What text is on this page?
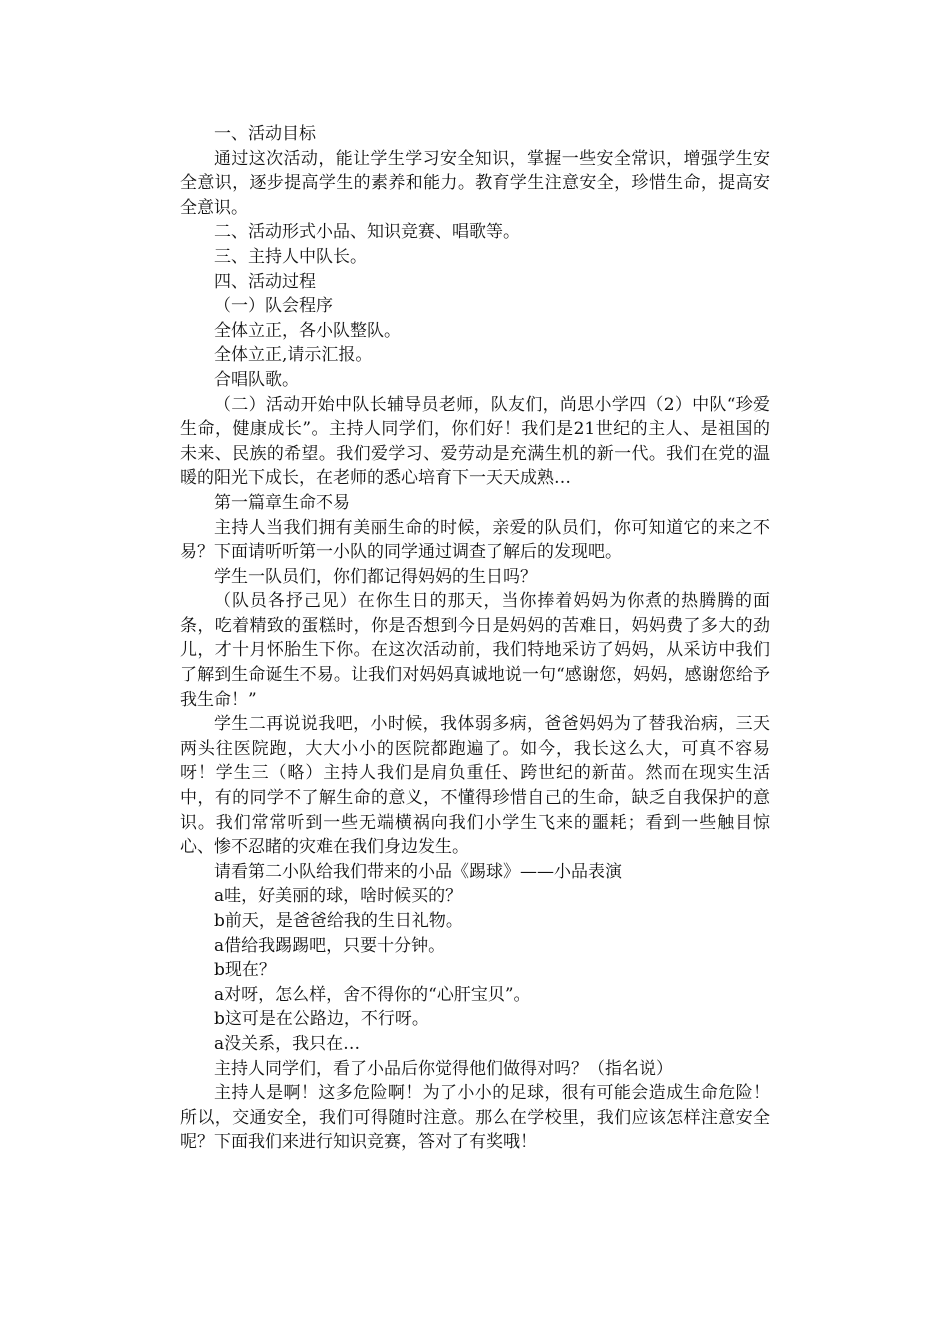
一、活动目标

通过这次活动，能让学生学习安全知识，掌握一些安全常识，增强学生安全意识，逐步提高学生的素养和能力。教育学生注意安全，珍惜生命，提高安全意识。

二、活动形式小品、知识竞赛、唱歌等。

三、主持人中队长。

四、活动过程

（一）队会程序

全体立正，各小队整队。

全体立正,请示汇报。

合唱队歌。

（二）活动开始中队长辅导员老师，队友们，尚思小学四（2）中队“珍爱生命，健康成长”。主持人同学们，你们好！我们是21世纪的主人、是祖国的未来、民族的希望。我们爱学习、爱劳动是充满生机的新一代。我们在党的温暖的阳光下成长，在老师的悉心培育下一天天成熟…

第一篇章生命不易

主持人当我们拥有美丽生命的时候，亲爱的队员们，你可知道它的来之不易？下面请听听第一小队的同学通过调查了解后的发现吧。

学生一队员们，你们都记得妈妈的生日吗？

（队员各抒己见）在你生日的那天，当你捧着妈妈为你煮的热腾腾的面条，吃着精致的蛋糕时，你是否想到今日是妈妈的苦难日，妈妈费了多大的劲儿，才十月怀胎生下你。在这次活动前，我们特地采访了妈妈，从采访中我们了解到生命诞生不易。让我们对妈妈真诚地说一句“感谢您，妈妈，感谢您给予我生命！”

学生二再说说我吧，小时候，我体弱多病，爸爸妈妈为了替我治病，三天两头往医院跑，大大小小的医院都跑遍了。如今，我长这么大，可真不容易呀！学生三（略）主持人我们是肩负重任、跨世纪的新苗。然而在现实生活中，有的同学不了解生命的意义，不懂得珍惜自己的生命，缺乏自我保护的意识。我们常常听到一些无端横祸向我们小学生飞来的噩耗；看到一些触目惊心、惨不忍睹的灾难在我们身边发生。

请看第二小队给我们带来的小品《踢球》——小品表演

a哇，好美丽的球，啥时候买的？

b前天，是爸爸给我的生日礼物。

a借给我踢踢吧，只要十分钟。

b现在？

a对呀，怎么样，舍不得你的“心肝宝贝”。

b这可是在公路边，不行呀。

a没关系，我只在…

主持人同学们，看了小品后你觉得他们做得对吗？（指名说）

主持人是啊！这多危险啊！为了小小的足球，很有可能会造成生命危险！所以，交通安全，我们可得随时注意。那么在学校里，我们应该怎样注意安全呢？下面我们来进行知识竞赛，答对了有奖哦！
